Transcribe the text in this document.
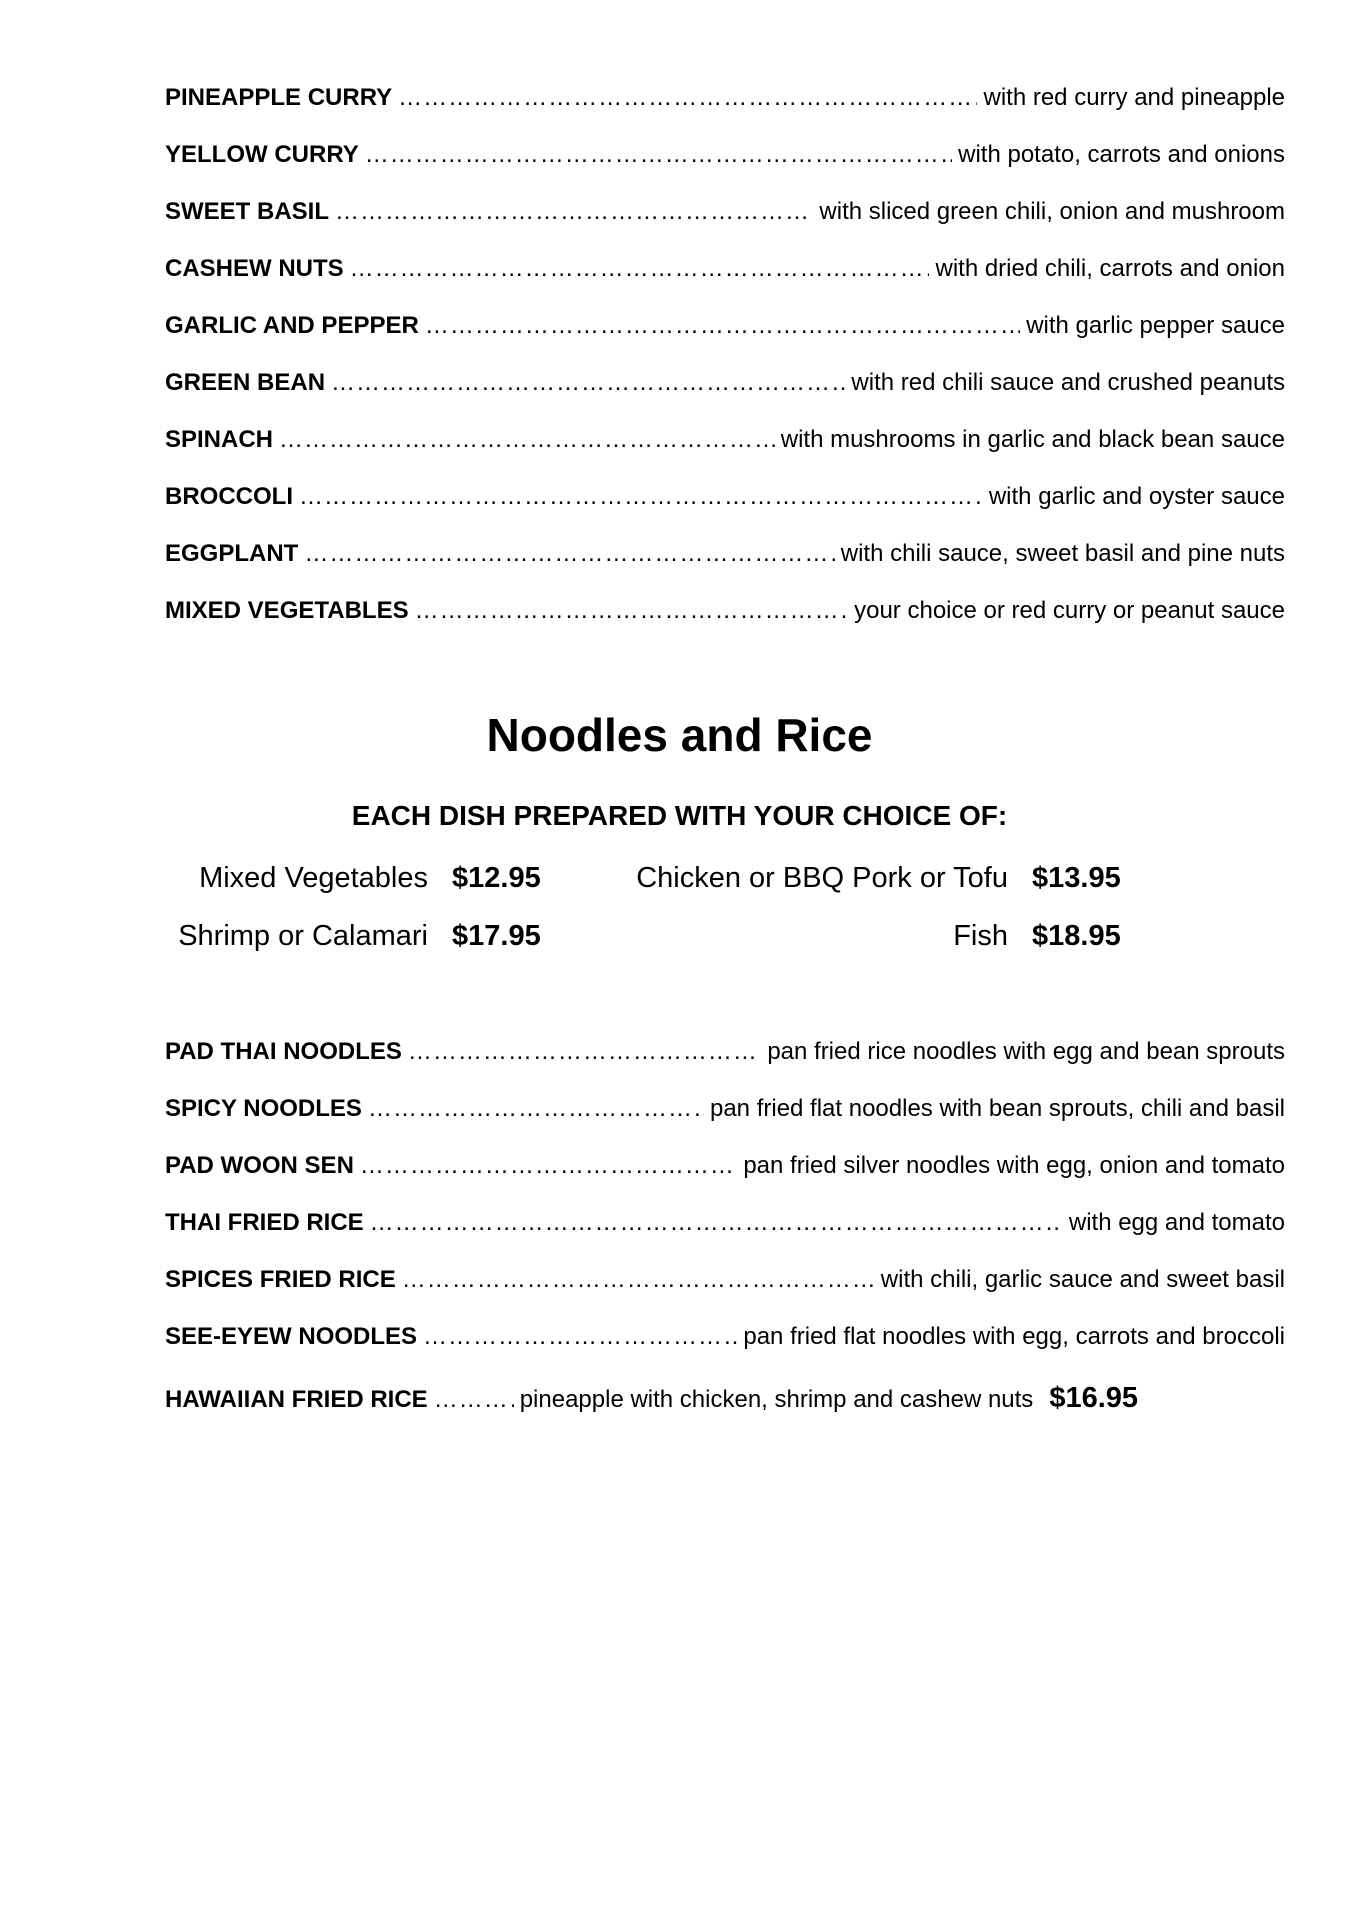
PINEAPPLE CURRY ………………………………………………………………………………………………………………………………………………………………………………………………………………………………	with red curry and pineapple
YELLOW CURRY ………………………………………………………………………………………………………………………………………………………………………………………………………………………………	with potato, carrots and onions
SWEET BASIL ………………………………………………………………………………………………………………………………………………………………………………………………………………………………	with sliced green chili, onion and mushroom
CASHEW NUTS ………………………………………………………………………………………………………………………………………………………………………………………………………………………………	with dried chili, carrots and onion
GARLIC AND PEPPER ………………………………………………………………………………………………………………………………………………………………………………………………………………………………	with garlic pepper sauce
GREEN BEAN ………………………………………………………………………………………………………………………………………………………………………………………………………………………………	with red chili sauce and crushed peanuts
SPINACH ………………………………………………………………………………………………………………………………………………………………………………………………………………………………	with mushrooms in garlic and black bean sauce
BROCCOLI ………………………………………………………………………………………………………………………………………………………………………………………………………………………………	with garlic and oyster sauce
EGGPLANT ………………………………………………………………………………………………………………………………………………………………………………………………………………………………	with chili sauce, sweet basil and pine nuts
MIXED VEGETABLES ………………………………………………………………………………………………………………………………………………………………………………………………………………………………	your choice or red curry or peanut sauce
Noodles and Rice
EACH DISH PREPARED WITH YOUR CHOICE OF:
Mixed Vegetables $12.95	Chicken or BBQ Pork or Tofu $13.95
Shrimp or Calamari $17.95	Fish $18.95
PAD THAI NOODLES ………………………………………………………………………………………………………………………………………………………………………………………………………………………………	pan fried rice noodles with egg and bean sprouts
SPICY NOODLES ………………………………………………………………………………………………………………………………………………………………………………………………………………………………	pan fried flat noodles with bean sprouts, chili and basil
PAD WOON SEN ………………………………………………………………………………………………………………………………………………………………………………………………………………………………	pan fried silver noodles with egg, onion and tomato
THAI FRIED RICE ………………………………………………………………………………………………………………………………………………………………………………………………………………………………	with egg and tomato
SPICES FRIED RICE ………………………………………………………………………………………………………………………………………………………………………………………………………………………………	with chili, garlic sauce and sweet basil
SEE-EYEW NOODLES ………………………………………………………………………………………………………………………………………………………………………………………………………………………………	pan fried flat noodles with egg, carrots and broccoli
HAWAIIAN FRIED RICE ………………………………………………………………………………………………………………………………………………………………………………………………………………………………	pineapple with chicken, shrimp and cashew nuts $16.95
